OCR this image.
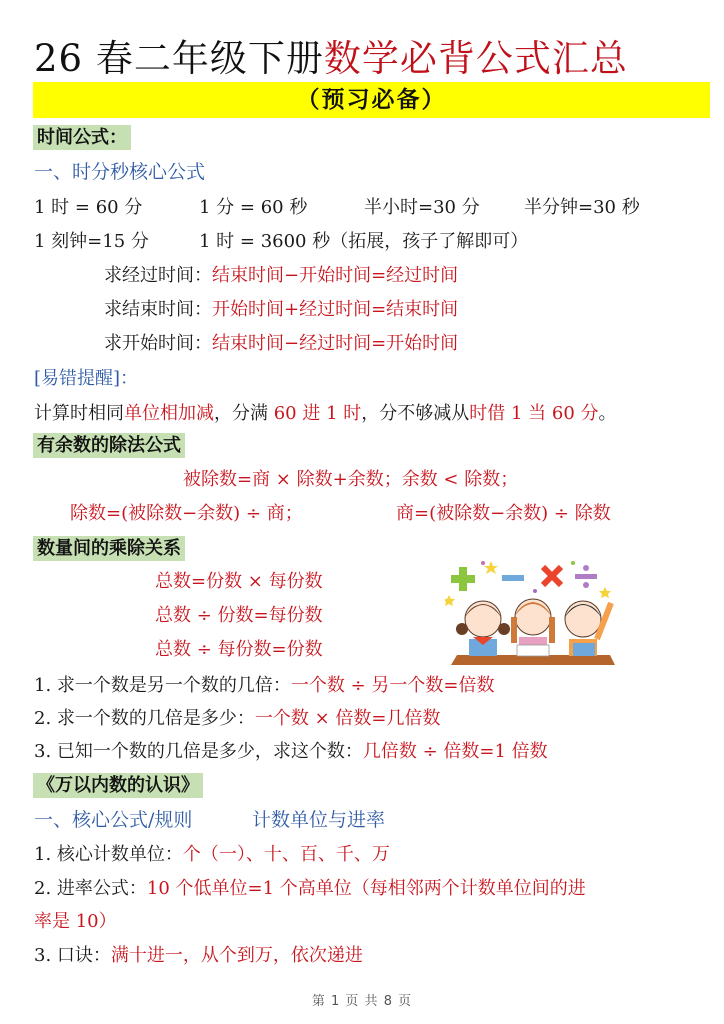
26 春二年级下册数学必背公式汇总
（预习必备）
时间公式：
一、时分秒核心公式
1 时 = 60 分	1 分 = 60 秒	半小时=30 分 半分钟=30 秒
1 刻钟=15 分	1 时 = 3600 秒（拓展，孩子了解即可）
求经过时间：结束时间−开始时间=经过时间
求结束时间：开始时间+经过时间=结束时间
求开始时间：结束时间−经过时间=开始时间
[易错提醒]：
计算时相同单位相加减，分满 60 进 1 时，分不够减从时借 1 当 60 分。
有余数的除法公式
被除数=商 × 除数+余数；余数 < 除数；
除数=(被除数−余数) ÷ 商；	商=(被除数−余数) ÷ 除数
数量间的乘除关系
总数=份数 × 每份数
总数 ÷ 份数=每份数
总数 ÷ 每份数=份数
1. 求一个数是另一个数的几倍：一个数 ÷ 另一个数=倍数
2. 求一个数的几倍是多少：一个数 × 倍数=几倍数
3. 已知一个数的几倍是多少，求这个数：几倍数 ÷ 倍数=1 倍数
《万以内数的认识》
一、核心公式/规则	计数单位与进率
1. 核心计数单位：个（一）、十、百、千、万
2. 进率公式：10 个低单位=1 个高单位（每相邻两个计数单位间的进
率是 10）
3. 口诀：满十进一，从个到万，依次递进
第 1 页 共 8 页
